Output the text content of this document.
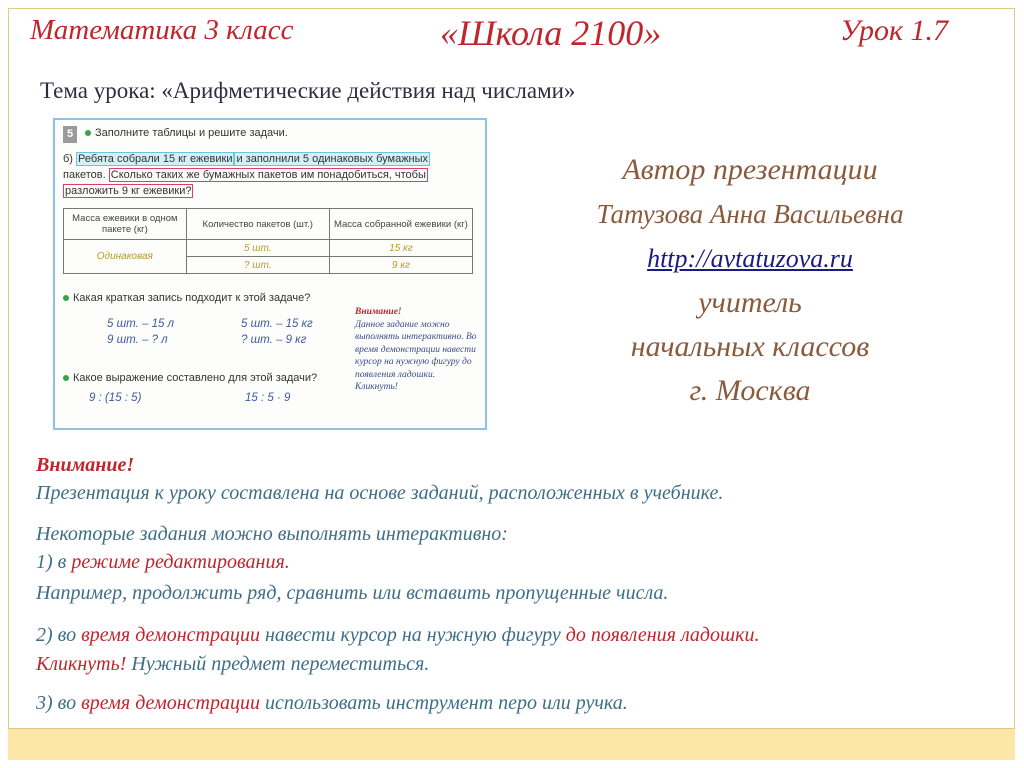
Математика 3 класс	«Школа 2100»	Урок 1.7
Тема урока: «Арифметические действия над числами»
5	Заполните таблицы и решите задачи.
б) Ребята собрали 15 кг ежевики и заполнили 5 одинаковых бумажных
пакетов. Сколько таких же бумажных пакетов им понадобиться, чтобы
разложить 9 кг ежевики?
Масса ежевики в одном пакете (кг)	Количество пакетов (шт.)	Масса собранной ежевики (кг)
Одинаковая	5 шт.	15 кг
	? шт.	9 кг
Какая краткая запись подходит к этой задаче?
5 шт. – 15 л
9 шт. – ? л
5 шт. – 15 кг
? шт. – 9 кг
Какое выражение составлено для этой задачи?
9 : (15 : 5)	15 : 5 · 9
Внимание!
Данное задание можно выполнять интерактивно. Во время демонстрации навести курсор на нужную фигуру до появления ладошки.
Кликнуть!
Автор презентации
Татузова Анна Васильевна
http://avtatuzova.ru
учитель
начальных классов
г. Москва
Внимание!
Презентация к уроку составлена на основе заданий, расположенных в учебнике.
Некоторые задания можно выполнять интерактивно:
1) в режиме редактирования.
Например, продолжить ряд, сравнить или вставить пропущенные числа.
2) во время демонстрации навести курсор на нужную фигуру до появления ладошки.
Кликнуть! Нужный предмет переместиться.
3) во время демонстрации использовать инструмент перо или ручка.
